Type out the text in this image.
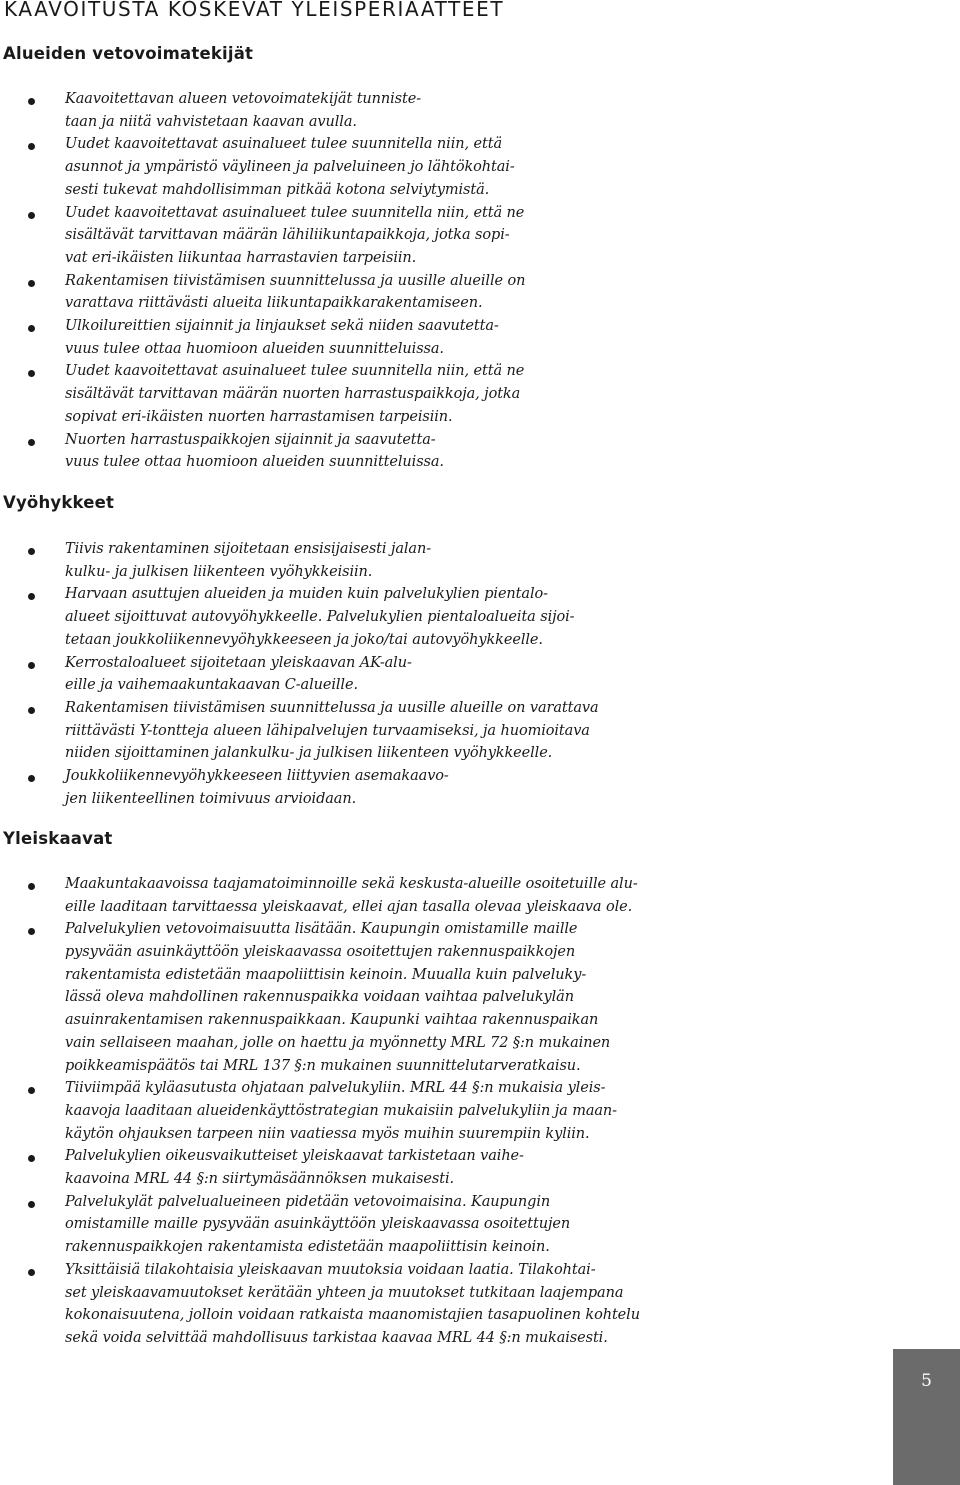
KAAVOITUSTA KOSKEVAT YLEISPERIAATTEET
Alueiden vetovoimatekijät
Kaavoitettavan alueen vetovoimatekijät tunniste-
taan ja niitä vahvistetaan kaavan avulla.
Uudet kaavoitettavat asuinalueet tulee suunnitella niin, että
asunnot ja ympäristö väylineen ja palveluineen jo lähtökohtai-
sesti tukevat mahdollisimman pitkää kotona selviytymistä.
Uudet kaavoitettavat asuinalueet tulee suunnitella niin, että ne
sisältävät tarvittavan määrän lähiliikuntapaikkoja, jotka sopi-
vat eri-ikäisten liikuntaa harrastavien tarpeisiin.
Rakentamisen tiivistämisen suunnittelussa ja uusille alueille on
varattava riittävästi alueita liikuntapaikkarakentamiseen.
Ulkoilureittien sijainnit ja linjaukset sekä niiden saavutetta-
vuus tulee ottaa huomioon alueiden suunnitteluissa.
Uudet kaavoitettavat asuinalueet tulee suunnitella niin, että ne
sisältävät tarvittavan määrän nuorten harrastuspaikkoja, jotka
sopivat eri-ikäisten nuorten harrastamisen tarpeisiin.
Nuorten harrastuspaikkojen sijainnit ja saavutetta-
vuus tulee ottaa huomioon alueiden suunnitteluissa.
Vyöhykkeet
Tiivis rakentaminen sijoitetaan ensisijaisesti jalan-
kulku- ja julkisen liikenteen vyöhykkeisiin.
Harvaan asuttujen alueiden ja muiden kuin palvelukylien pientalo-
alueet sijoittuvat autovyöhykkeelle. Palvelukylien pientaloalueita sijoi-
tetaan joukkoliikennevyöhykkeeseen ja joko/tai autovyöhykkeelle.
Kerrostaloalueet sijoitetaan yleiskaavan AK-alu-
eille ja vaihemaakuntakaavan C-alueille.
Rakentamisen tiivistämisen suunnittelussa ja uusille alueille on varattava
riittävästi Y-tontteja alueen lähipalvelujen turvaamiseksi, ja huomioitava
niiden sijoittaminen jalankulku- ja julkisen liikenteen vyöhykkeelle.
Joukkoliikennevyöhykkeeseen liittyvien asemakaavo-
jen liikenteellinen toimivuus arvioidaan.
Yleiskaavat
Maakuntakaavoissa taajamatoiminnoille sekä keskusta-alueille osoitetuille alu-
eille laaditaan tarvittaessa yleiskaavat, ellei ajan tasalla olevaa yleiskaava ole.
Palvelukylien vetovoimaisuutta lisätään. Kaupungin omistamille maille
pysyvään asuinkäyttöön yleiskaavassa osoitettujen rakennuspaikkojen
rakentamista edistetään maapoliittisin keinoin. Muualla kuin palveluky-
lässä oleva mahdollinen rakennuspaikka voidaan vaihtaa palvelukylän
asuinrakentamisen rakennuspaikkaan. Kaupunki vaihtaa rakennuspaikan
vain sellaiseen maahan, jolle on haettu ja myönnetty MRL 72 §:n mukainen
poikkeamispäätös tai MRL 137 §:n mukainen suunnittelutarveratkaisu.
Tiiviimpää kyläasutusta ohjataan palvelukyliin. MRL 44 §:n mukaisia yleis-
kaavoja laaditaan alueidenkäyttöstrategian mukaisiin palvelukyliin ja maan-
käytön ohjauksen tarpeen niin vaatiessa myös muihin suurempiin kyliin.
Palvelukylien oikeusvaikutteiset yleiskaavat tarkistetaan vaihe-
kaavoina MRL 44 §:n siirtymäsäännöksen mukaisesti.
Palvelukylät palvelualueineen pidetään vetovoimaisina. Kaupungin
omistamille maille pysyvään asuinkäyttöön yleiskaavassa osoitettujen
rakennuspaikkojen rakentamista edistetään maapoliittisin keinoin.
Yksittäisiä tilakohtaisia yleiskaavan muutoksia voidaan laatia. Tilakohtai-
set yleiskaavamuutokset kerätään yhteen ja muutokset tutkitaan laajempana
kokonaisuutena, jolloin voidaan ratkaista maanomistajien tasapuolinen kohtelu
sekä voida selvittää mahdollisuus tarkistaa kaavaa MRL 44 §:n mukaisesti.
5
